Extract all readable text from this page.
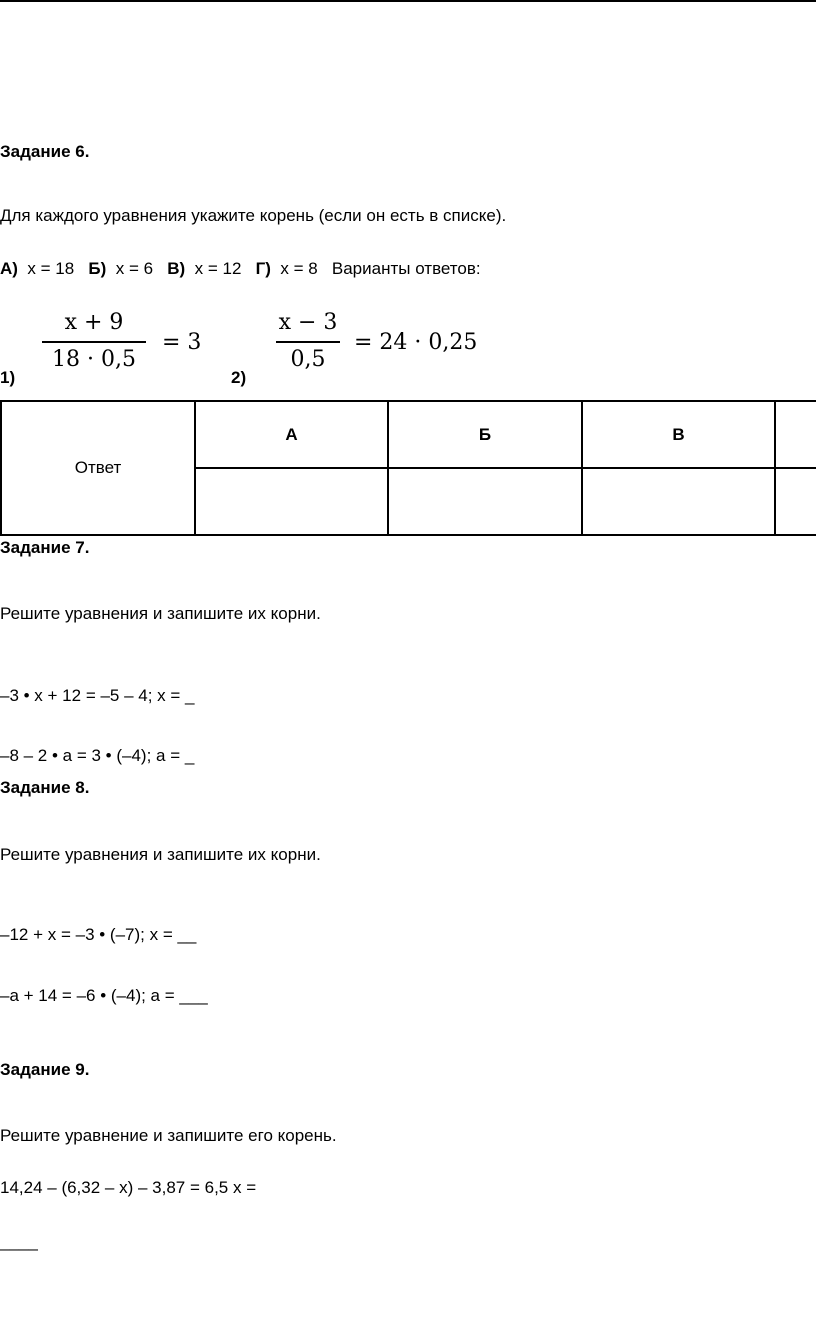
Задание 6.
Для каждого уравнения укажите корень (если он есть в списке).
А) х = 18 Б) х = 6 В) х = 12 Г) х = 8 Варианты ответов:
1)
x + 9
18 · 0,5
= 3
2)
x − 3
0,5
= 24 · 0,25
Ответ	А	Б	В	

Задание 7.
Решите уравнения и запишите их корни.
–3 • х + 12 = –5 – 4; х = _
–8 – 2 • а = 3 • (–4); а = _
Задание 8.
Решите уравнения и запишите их корни.
–12 + х = –3 • (–7); х = __
–а + 14 = –6 • (–4); а = ___
Задание 9.
Решите уравнение и запишите его корень.
14,24 – (6,32 – х) – 3,87 = 6,5 х =
____
